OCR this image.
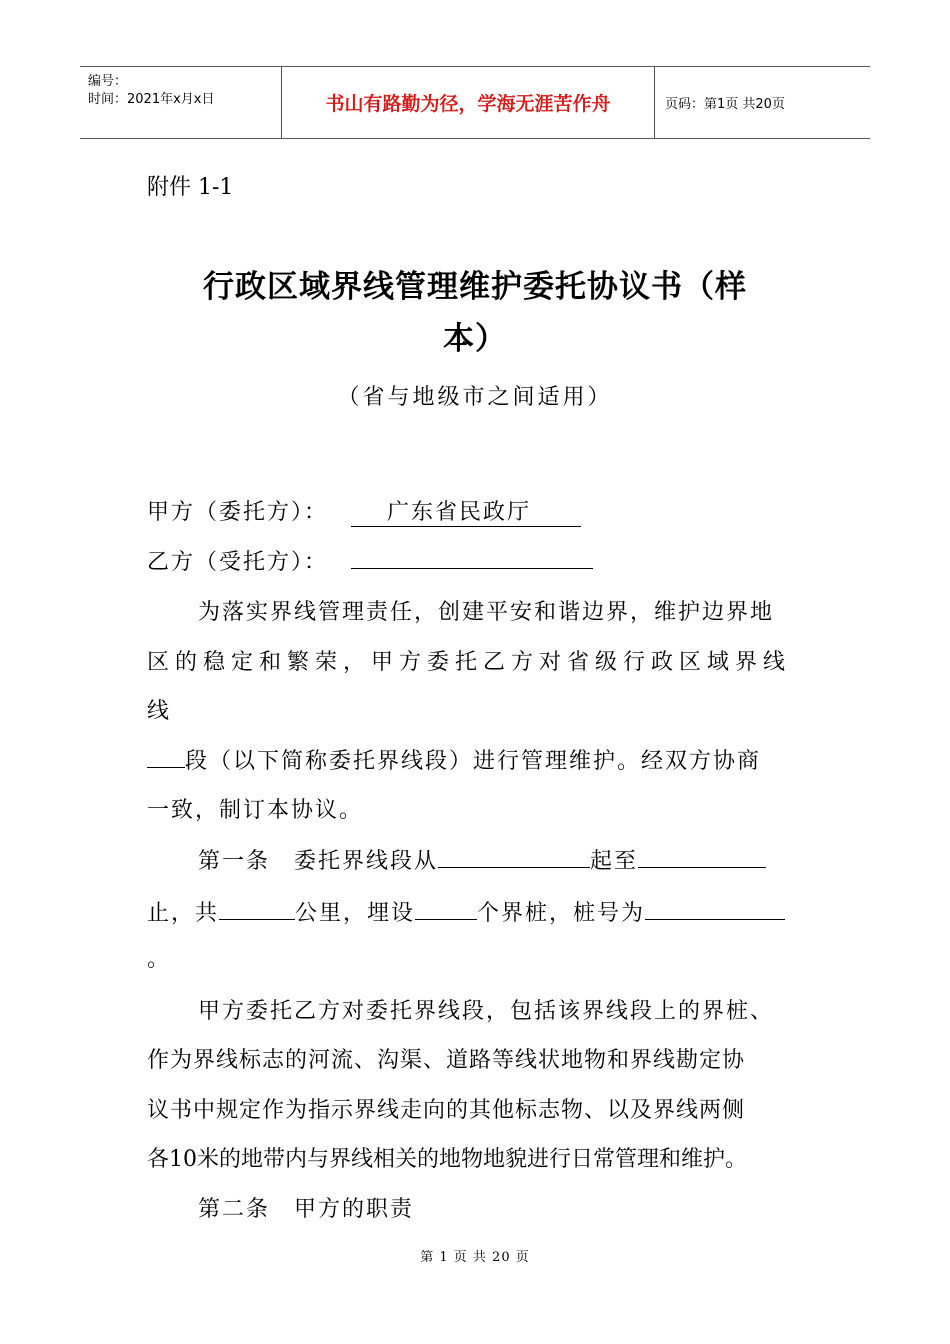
编号：
时间：2021年x月x日	书山有路勤为径，学海无涯苦作舟	页码：第1页 共20页
附件 1-1
行政区域界线管理维护委托协议书（样
本）
（省与地级市之间适用）
甲方（委托方）：	广东省民政厅
乙方（受托方）：
为落实界线管理责任，创建平安和谐边界，维护边界地
区的稳定和繁荣，甲方委托乙方对省级行政区域界线
线
段（以下简称委托界线段）进行管理维护。经双方协商
一致，制订本协议。
第一条　委托界线段从	起至
止，共	公里，埋设	个界桩，桩号为
。
甲方委托乙方对委托界线段，包括该界线段上的界桩、
作为界线标志的河流、沟渠、道路等线状地物和界线勘定协
议书中规定作为指示界线走向的其他标志物、以及界线两侧
各10米的地带内与界线相关的地物地貌进行日常管理和维护。
第二条　甲方的职责
第 1 页 共 20 页
